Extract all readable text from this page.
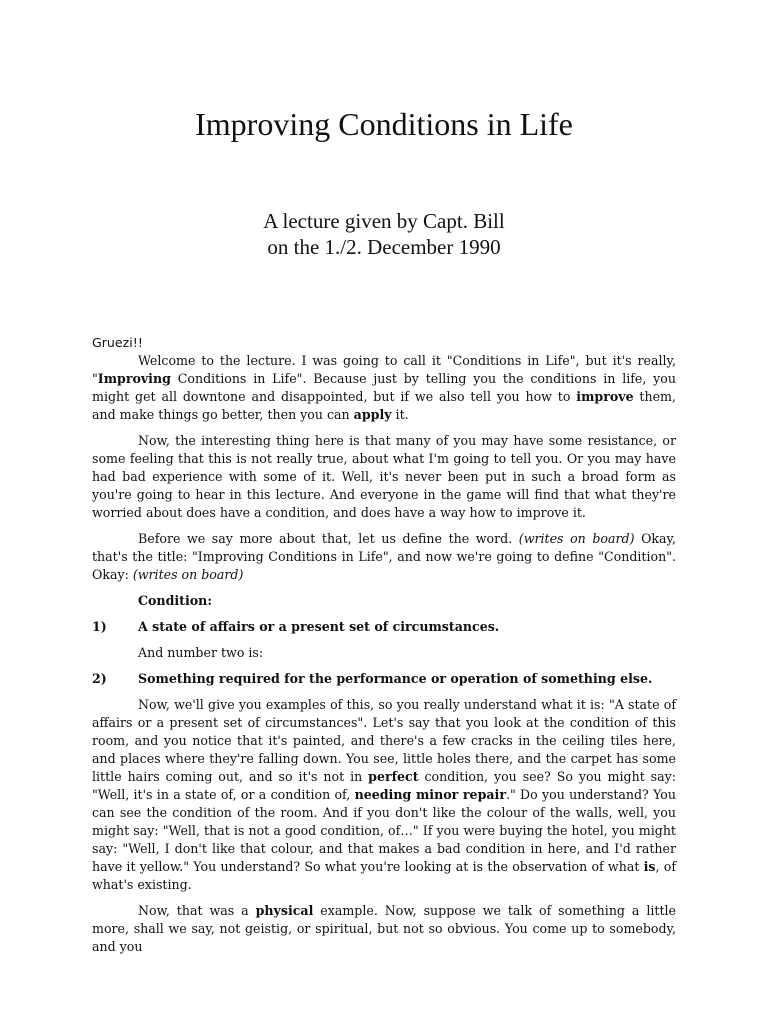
Improving Conditions in Life
A lecture given by Capt. Bill
on the 1./2. December 1990

Gruezi!!

Welcome to the lecture. I was going to call it "Conditions in Life", but it's really, "Improving Conditions in Life". Because just by telling you the conditions in life, you might get all downtone and disappointed, but if we also tell you how to improve them, and make things go better, then you can apply it.

Now, the interesting thing here is that many of you may have some resistance, or some feeling that this is not really true, about what I'm going to tell you. Or you may have had bad experience with some of it. Well, it's never been put in such a broad form as you're going to hear in this lecture. And everyone in the game will find that what they're worried about does have a condition, and does have a way how to improve it.

Before we say more about that, let us define the word. (writes on board) Okay, that's the title: "Improving Conditions in Life", and now we're going to define "Condition". Okay: (writes on board)

Condition:

1)	A state of affairs or a present set of circumstances.

And number two is:

2)	Something required for the performance or operation of something else.

Now, we'll give you examples of this, so you really understand what it is: "A state of affairs or a present set of circumstances". Let's say that you look at the condition of this room, and you notice that it's painted, and there's a few cracks in the ceiling tiles here, and places where they're falling down. You see, little holes there, and the carpet has some little hairs coming out, and so it's not in perfect condition, you see? So you might say: "Well, it's in a state of, or a condition of, needing minor repair." Do you understand? You can see the condition of the room. And if you don't like the colour of the walls, well, you might say: "Well, that is not a good condition, of…" If you were buying the hotel, you might say: "Well, I don't like that colour, and that makes a bad condition in here, and I'd rather have it yellow." You understand? So what you're looking at is the observation of what is, of what's existing.

Now, that was a physical example. Now, suppose we talk of something a little more, shall we say, not geistig, or spiritual, but not so obvious. You come up to somebody, and you
